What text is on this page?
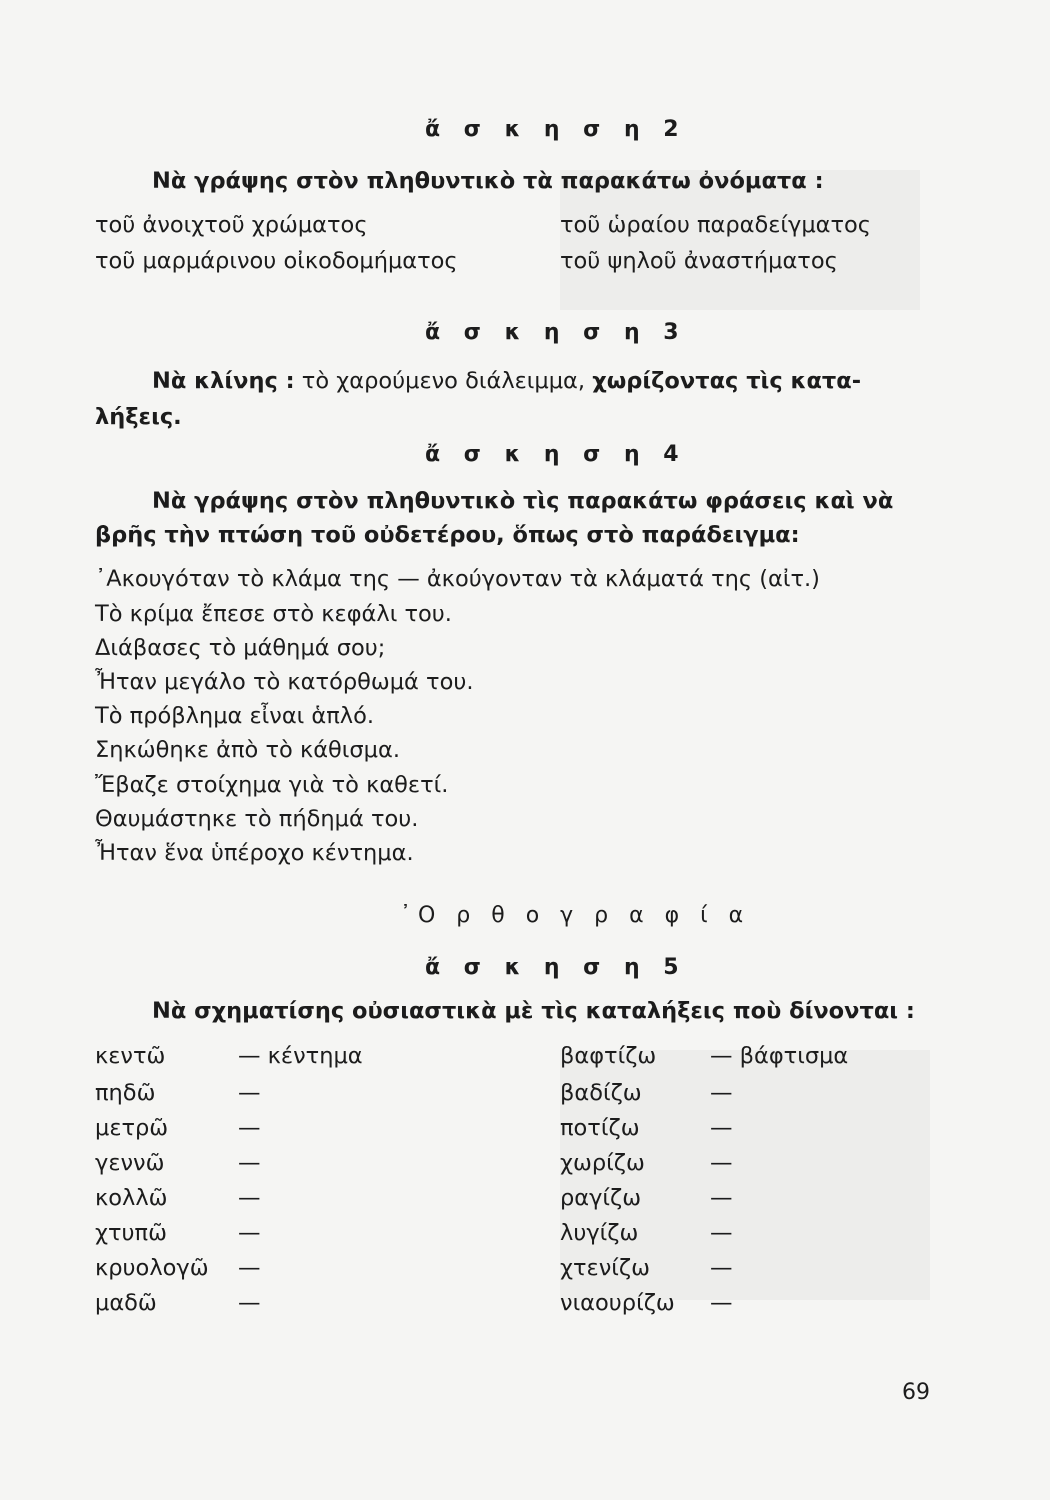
ἄ σ κ η σ η 2
Νὰ γράψης στὸν πληθυντικὸ τὰ παρακάτω ὀνόματα :
τοῦ ἀνοιχτοῦ χρώματος	τοῦ ὡραίου παραδείγματος
τοῦ μαρμάρινου οἰκοδομήματος	τοῦ ψηλοῦ ἀναστήματος
ἄ σ κ η σ η 3
Νὰ κλίνης : τὸ χαρούμενο διάλειμμα, χωρίζοντας τὶς κατα-
λήξεις.
ἄ σ κ η σ η 4
Νὰ γράψης στὸν πληθυντικὸ τὶς παρακάτω φράσεις καὶ νὰ
βρῆς τὴν πτώση τοῦ οὐδετέρου, ὅπως στὸ παράδειγμα:
᾿Ακουγόταν τὸ κλάμα της — ἀκούγονταν τὰ κλάματά της (αἰτ.)
Τὸ κρίμα ἔπεσε στὸ κεφάλι του.
Διάβασες τὸ μάθημά σου;
Ἦταν μεγάλο τὸ κατόρθωμά του.
Τὸ πρόβλημα εἶναι ἁπλό.
Σηκώθηκε ἀπὸ τὸ κάθισμα.
Ἔβαζε στοίχημα γιὰ τὸ καθετί.
Θαυμάστηκε τὸ πήδημά του.
Ἦταν ἕνα ὑπέροχο κέντημα.
᾿Ο ρ θ ο γ ρ α φ ί α
ἄ σ κ η σ η 5
Νὰ σχηματίσης οὐσιαστικὰ μὲ τὶς καταλήξεις ποὺ δίνονται :
κεντῶ	— κέντημα
πηδῶ	—
μετρῶ	—
γεννῶ	—
κολλῶ	—
χτυπῶ	—
κρυολογῶ —
μαδῶ	—
βαφτίζω — βάφτισμα
βαδίζω	—
ποτίζω	—
χωρίζω	—
ραγίζω	—
λυγίζω	—
χτενίζω	—
νιαουρίζω —
69
